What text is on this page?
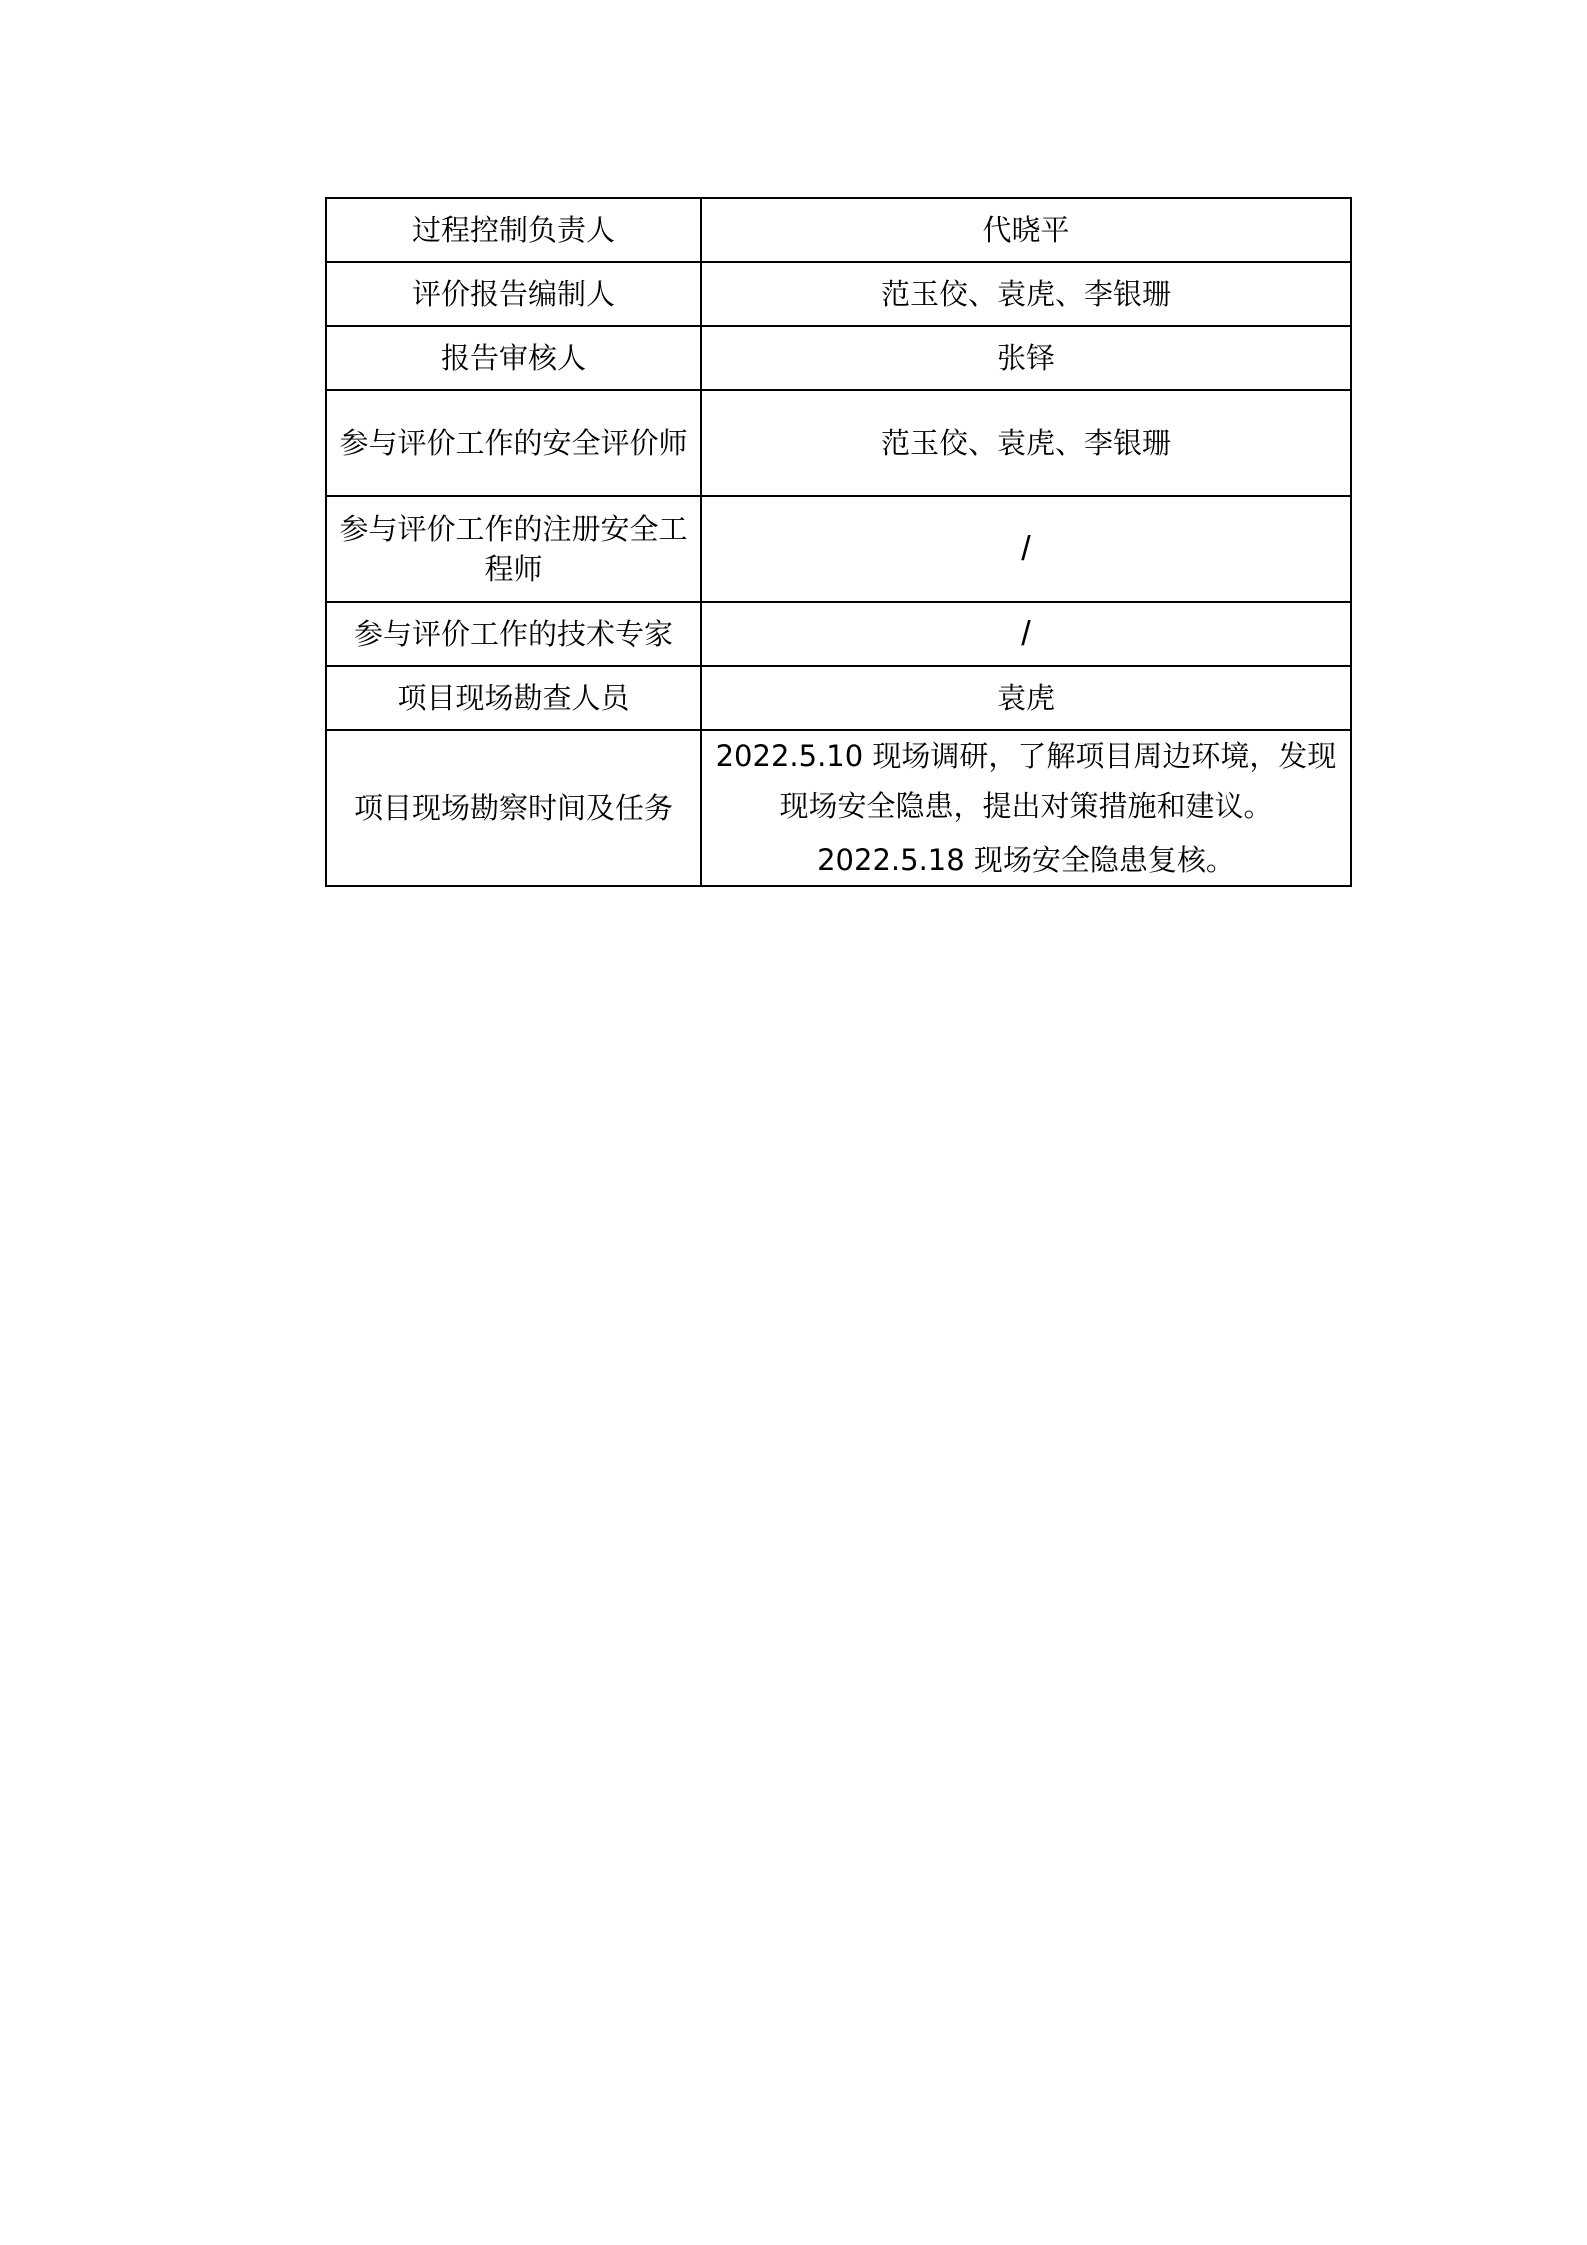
过程控制负责人	代晓平
评价报告编制人	范玉佼、袁虎、李银珊
报告审核人	张铎
参与评价工作的安全评价师	范玉佼、袁虎、李银珊
参与评价工作的注册安全工程师	/
参与评价工作的技术专家	/
项目现场勘查人员	袁虎
项目现场勘察时间及任务	2022.5.10 现场调研，了解项目周边环境，发现现场安全隐患，提出对策措施和建议。
2022.5.18 现场安全隐患复核。
